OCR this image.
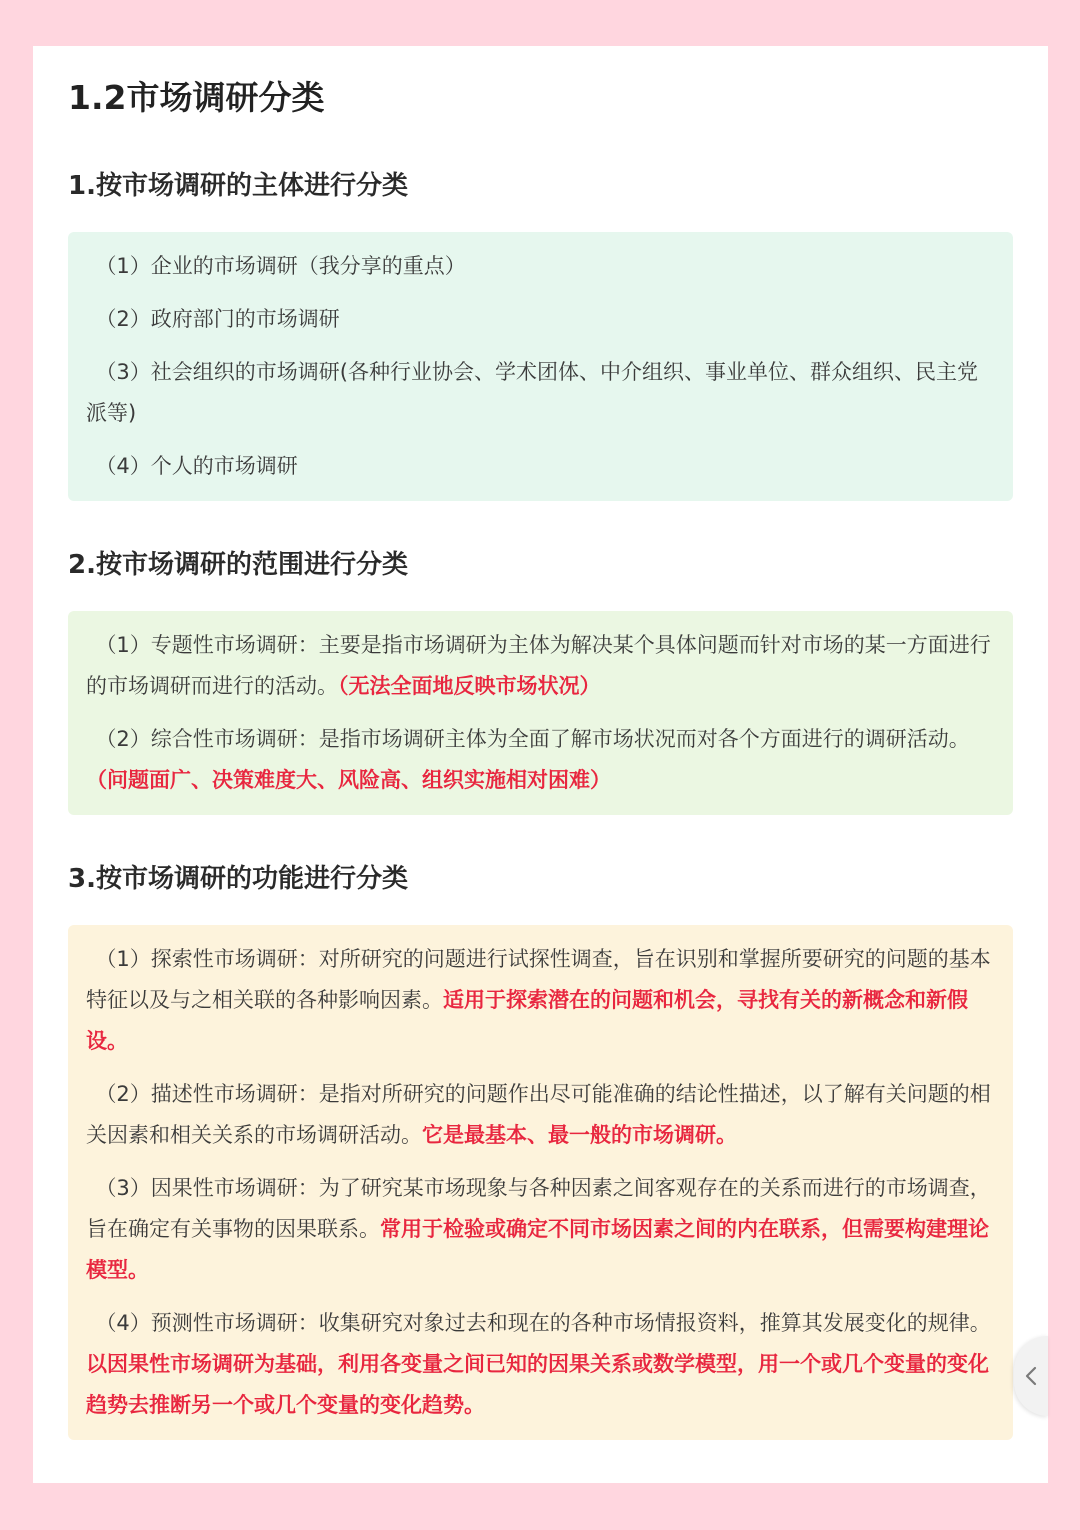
1.2市场调研分类
1.按市场调研的主体进行分类

（1）企业的市场调研（我分享的重点）

（2）政府部门的市场调研

（3）社会组织的市场调研(各种行业协会、学术团体、中介组织、事业单位、群众组织、民主党派等)

（4）个人的市场调研

2.按市场调研的范围进行分类

（1）专题性市场调研：主要是指市场调研为主体为解决某个具体问题而针对市场的某一方面进行的市场调研而进行的活动。（无法全面地反映市场状况）

（2）综合性市场调研：是指市场调研主体为全面了解市场状况而对各个方面进行的调研活动。（问题面广、决策难度大、风险高、组织实施相对困难）

3.按市场调研的功能进行分类

（1）探索性市场调研：对所研究的问题进行试探性调查，旨在识别和掌握所要研究的问题的基本特征以及与之相关联的各种影响因素。适用于探索潜在的问题和机会，寻找有关的新概念和新假设。

（2）描述性市场调研：是指对所研究的问题作出尽可能准确的结论性描述，以了解有关问题的相关因素和相关关系的市场调研活动。它是最基本、最一般的市场调研。

（3）因果性市场调研：为了研究某市场现象与各种因素之间客观存在的关系而进行的市场调查，旨在确定有关事物的因果联系。常用于检验或确定不同市场因素之间的内在联系，但需要构建理论模型。

（4）预测性市场调研：收集研究对象过去和现在的各种市场情报资料，推算其发展变化的规律。以因果性市场调研为基础，利用各变量之间已知的因果关系或数学模型，用一个或几个变量的变化趋势去推断另一个或几个变量的变化趋势。
